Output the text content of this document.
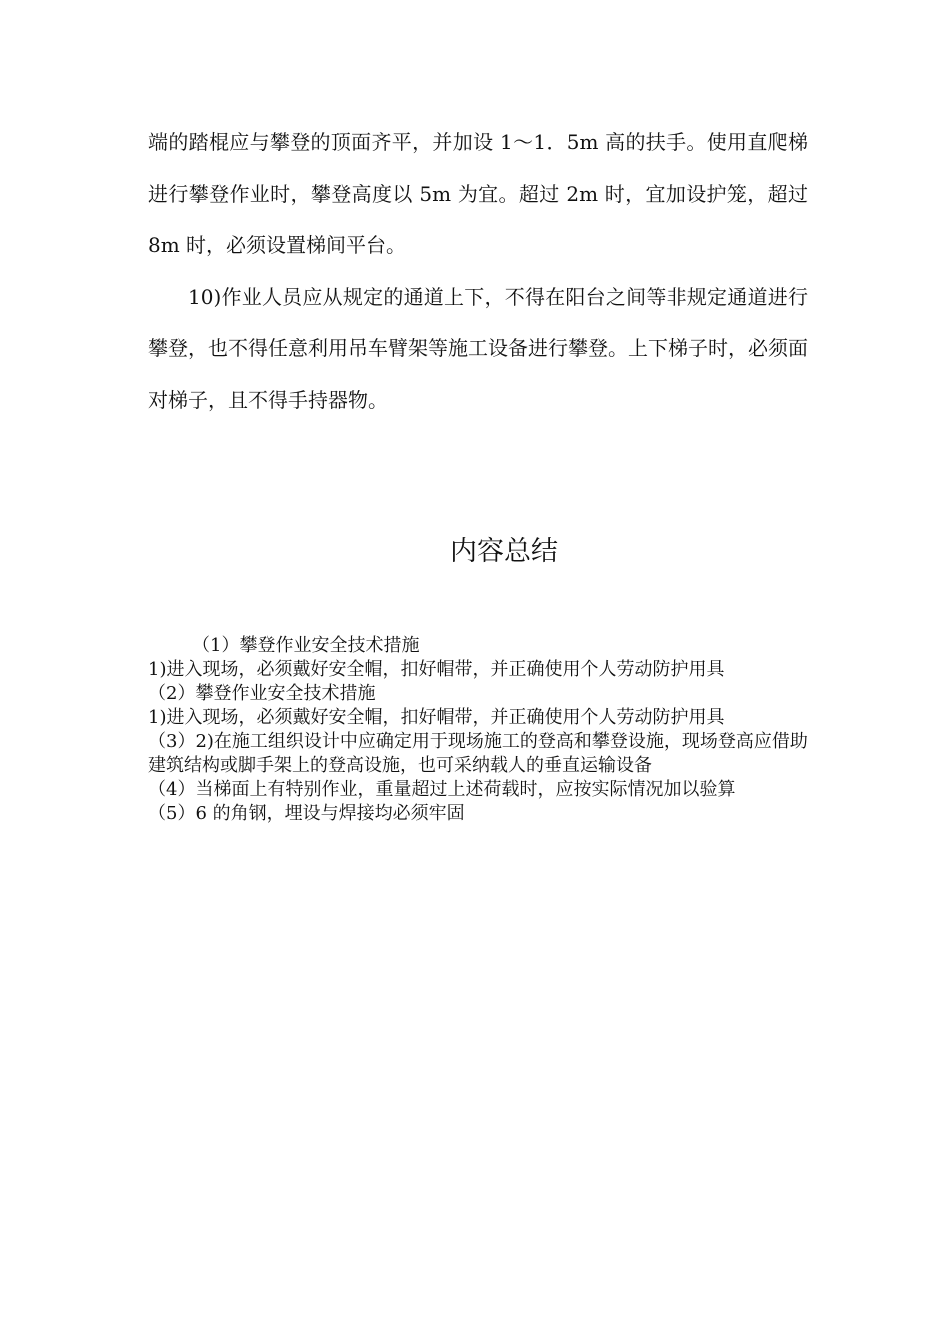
端的踏棍应与攀登的顶面齐平，并加设 1～1．5m 高的扶手。使用直爬梯进行攀登作业时，攀登高度以 5m 为宜。超过 2m 时，宜加设护笼，超过 8m 时，必须设置梯间平台。

10)作业人员应从规定的通道上下，不得在阳台之间等非规定通道进行攀登，也不得任意利用吊车臂架等施工设备进行攀登。上下梯子时，必须面对梯子，且不得手持器物。

内容总结
（1）攀登作业安全技术措施
1)进入现场，必须戴好安全帽，扣好帽带，并正确使用个人劳动防护用具
（2）攀登作业安全技术措施
1)进入现场，必须戴好安全帽，扣好帽带，并正确使用个人劳动防护用具
（3）2)在施工组织设计中应确定用于现场施工的登高和攀登设施，现场登高应借助建筑结构或脚手架上的登高设施，也可采纳载人的垂直运输设备
（4）当梯面上有特别作业，重量超过上述荷载时，应按实际情况加以验算
（5）6 的角钢，埋设与焊接均必须牢固
